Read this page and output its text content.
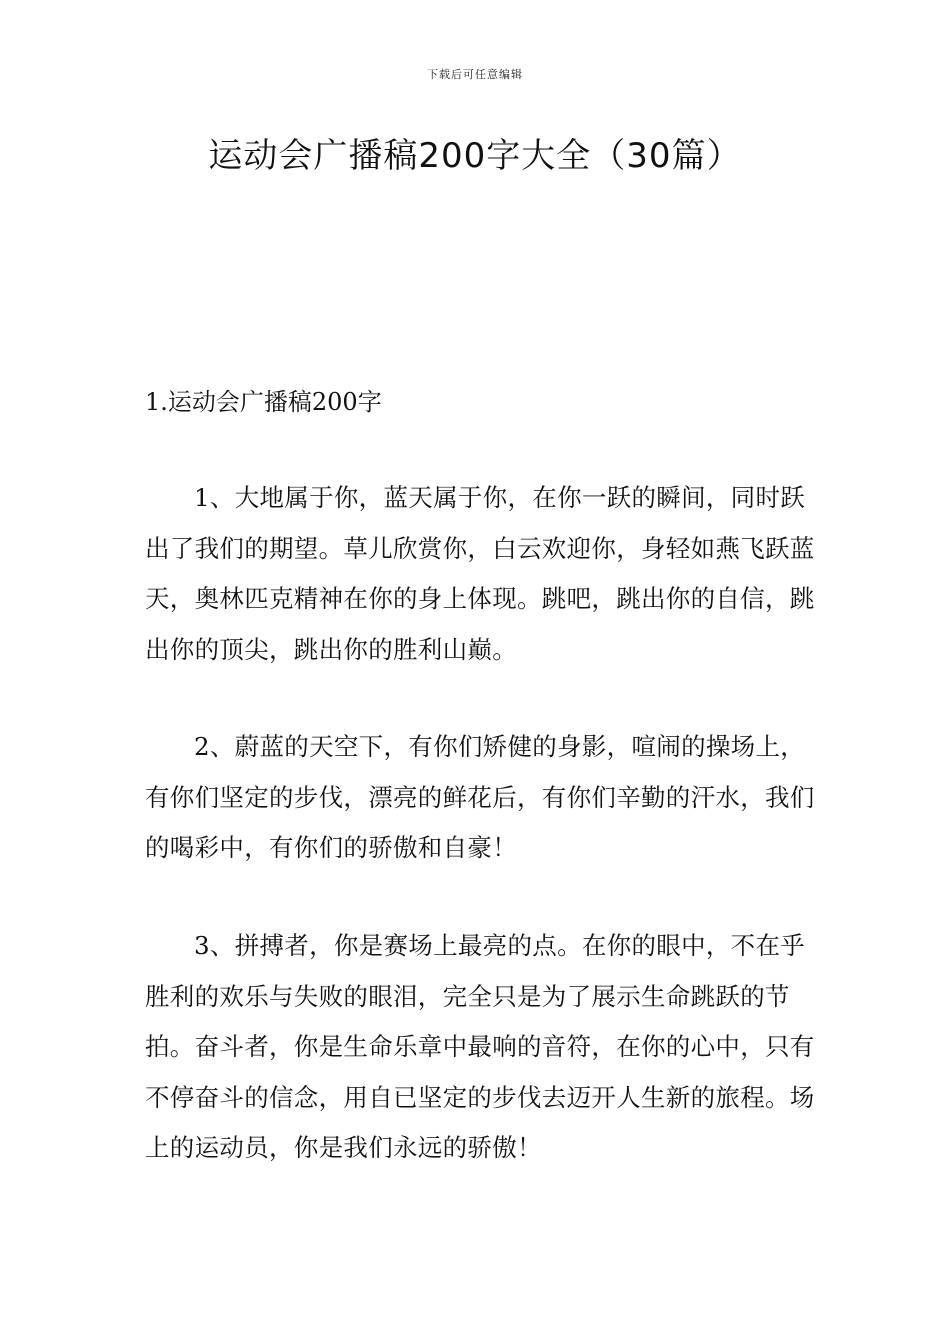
下载后可任意编辑
运动会广播稿200字大全（30篇）
1.运动会广播稿200字

1、大地属于你，蓝天属于你，在你一跃的瞬间，同时跃出了我们的期望。草儿欣赏你，白云欢迎你，身轻如燕飞跃蓝天，奥林匹克精神在你的身上体现。跳吧，跳出你的自信，跳出你的顶尖，跳出你的胜利山巅。

2、蔚蓝的天空下，有你们矫健的身影，喧闹的操场上，有你们坚定的步伐，漂亮的鲜花后，有你们辛勤的汗水，我们的喝彩中，有你们的骄傲和自豪！

3、拼搏者，你是赛场上最亮的点。在你的眼中，不在乎胜利的欢乐与失败的眼泪，完全只是为了展示生命跳跃的节拍。奋斗者，你是生命乐章中最响的音符，在你的心中，只有不停奋斗的信念，用自已坚定的步伐去迈开人生新的旅程。场上的运动员，你是我们永远的骄傲！
